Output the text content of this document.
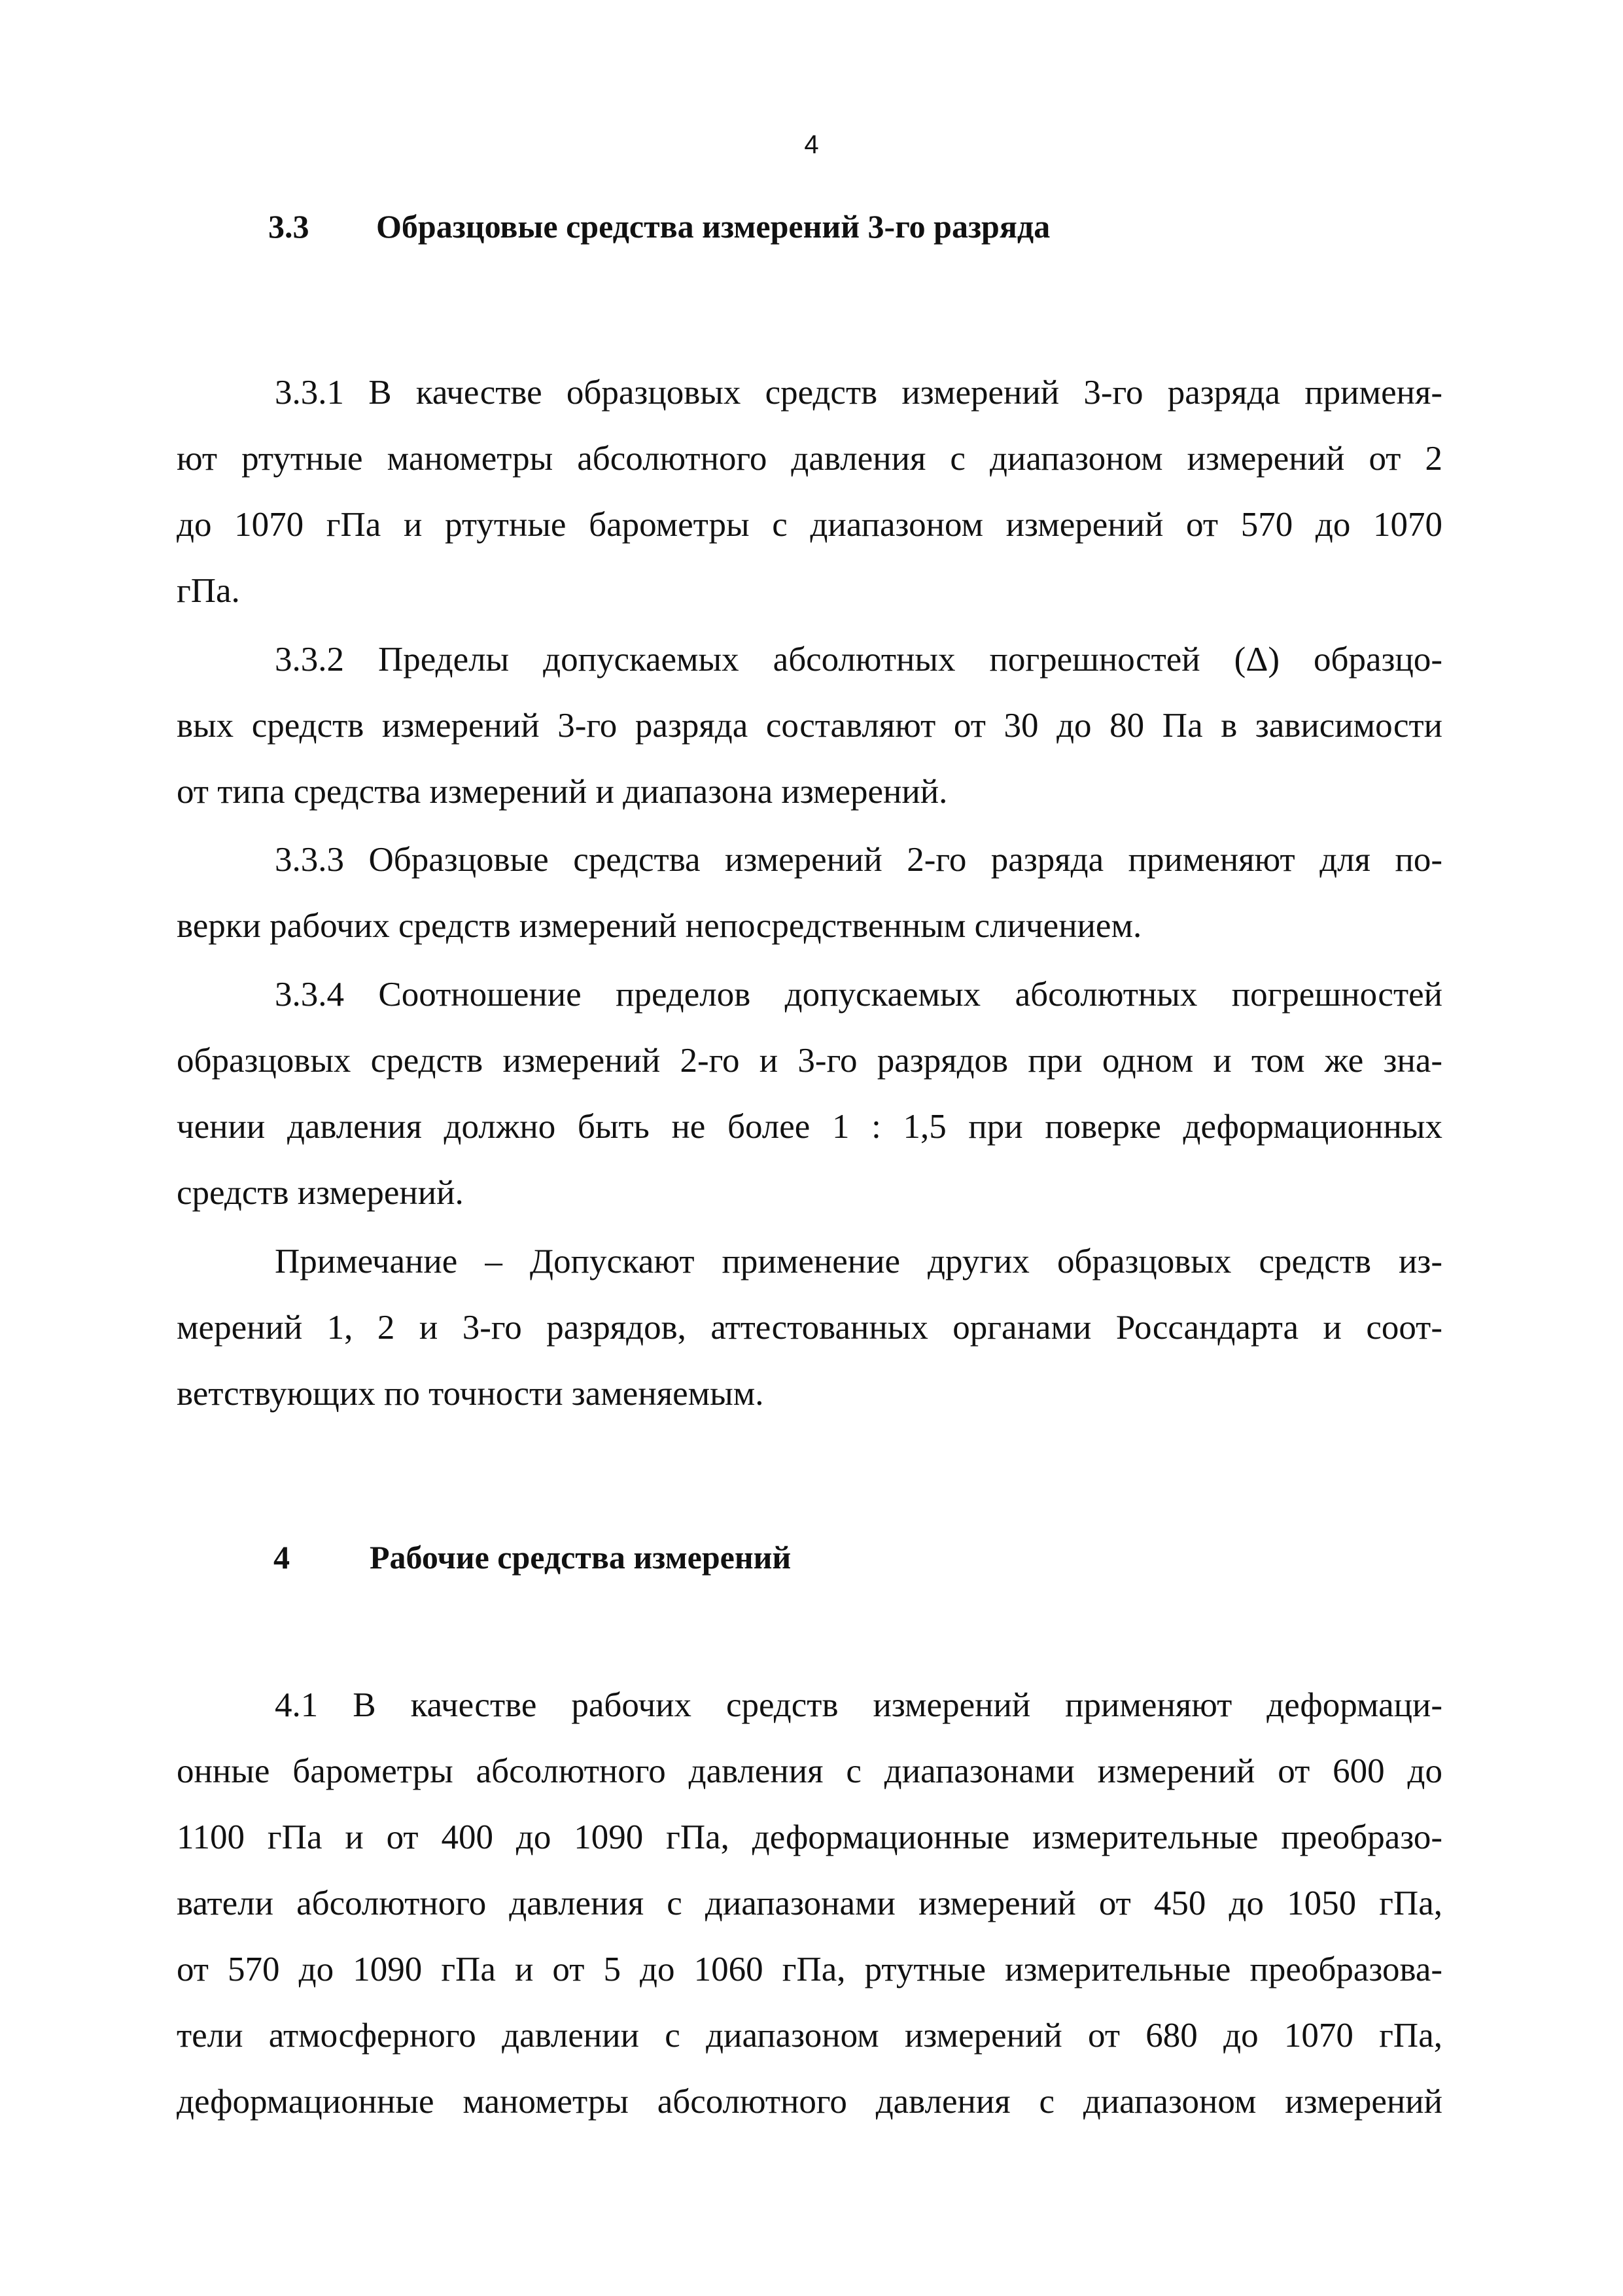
4
3.3 Образцовые средства измерений 3-го разряда
3.3.1 В качестве образцовых средств измерений 3-го разряда применя-
ют ртутные манометры абсолютного давления с диапазоном измерений от 2
до 1070 гПа и ртутные барометры с диапазоном измерений от 570 до 1070
гПа.
3.3.2 Пределы допускаемых абсолютных погрешностей (Δ) образцо-
вых средств измерений 3-го разряда составляют от 30 до 80 Па в зависимости
от типа средства измерений и диапазона измерений.
3.3.3 Образцовые средства измерений 2-го разряда применяют для по-
верки рабочих средств измерений непосредственным сличением.
3.3.4 Соотношение пределов допускаемых абсолютных погрешностей
образцовых средств измерений 2-го и 3-го разрядов при одном и том же зна-
чении давления должно быть не более 1 : 1,5 при поверке деформационных
средств измерений.
Примечание – Допускают применение других образцовых средств из-
мерений 1, 2 и 3-го разрядов, аттестованных органами Россандарта и соот-
ветствующих по точности заменяемым.
4 Рабочие средства измерений
4.1 В качестве рабочих средств измерений применяют деформаци-
онные барометры абсолютного давления с диапазонами измерений от 600 до
1100 гПа и от 400 до 1090 гПа, деформационные измерительные преобразо-
ватели абсолютного давления с диапазонами измерений от 450 до 1050 гПа,
от 570 до 1090 гПа и от 5 до 1060 гПа, ртутные измерительные преобразова-
тели атмосферного давлении с диапазоном измерений от 680 до 1070 гПа,
деформационные манометры абсолютного давления с диапазоном измерений
